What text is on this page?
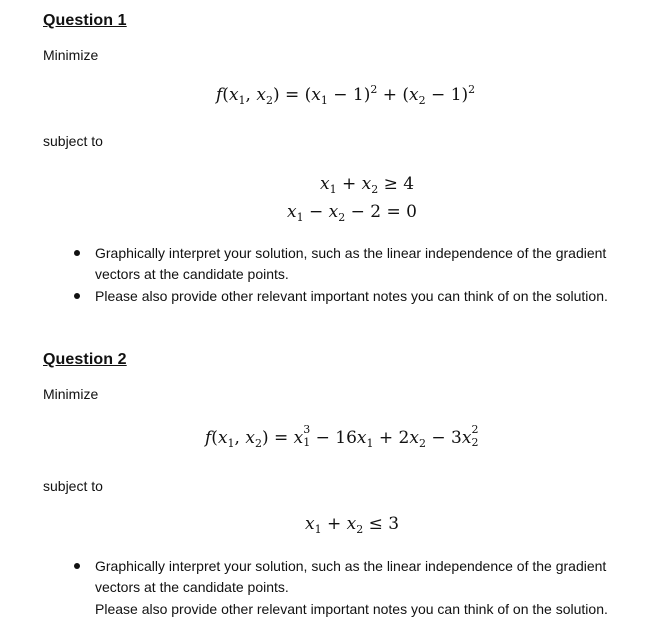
Question 1
Minimize
$f(x_1$, $x_2) = (x_1 - 1)^2 + (x_2 - 1)^2$
subject to
$x_1 + x_2 \ge 4$
$x_1 - x_2 - 2 = 0$
Graphically interpret your solution, such as the linear independence of the gradient vectors at the candidate points.
Please also provide other relevant important notes you can think of on the solution.
Question 2
Minimize
$f(x_1$, $x_2) = x$ 3
$1 - 16x_1 + 2x_2 - 3x$ 2
2
subject to
$x_1 + x_2 \le 3$
Graphically interpret your solution, such as the linear independence of the gradient vectors at the candidate points.
Please also provide other relevant important notes you can think of on the solution.
